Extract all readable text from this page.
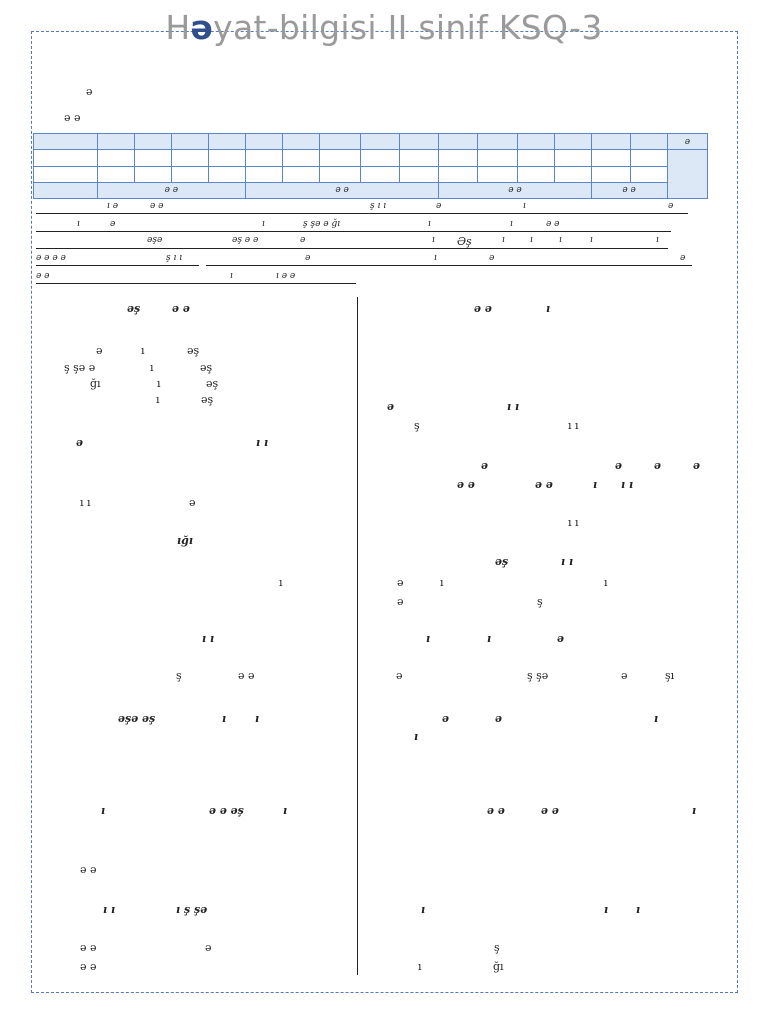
Həyat-bilgisi II sinif KSQ-3
ə
ə ə
																ə

	ə ə				ə ə					ə ə				ə ə		
ı ə	ə ə	ş ı ı	ə	ı	ə
ı	ə	ı	ş şə ə ğı	ı	ı	ə ə
əşə	əş ə ə	ə	ı Əş	ı	ı	ı	ı	ı
ə ə ə ə	ş ı ı	ə	ı	ə	ə
ə ə	ı	ı ə ə
əş	ə ə
ə	ı	əş
ş şə ə	ı	əş
ğı	ı	əş
ı	əş
ə	ı ı
ı ı	ə
ığı
ı
ı ı
ş	ə ə
əşə əş	ı	ı
ı	ə ə əş	ı
ə ə
ı ı	ı ş şə
ə ə	ə
ə ə
ə ə	ı
ə	ı ı
ş	ı ı
ə	ə	ə	ə
ə ə	ə ə	ı ı ı
ı ı
əş	ı ı
ə	ı	ı
ə	ş
ı	ı	ə
ə	ş şə	ə	şı
ə	ə	ı
ı
ə ə	ə ə	ı
ı	ı	ı
ş
ı	ğı
